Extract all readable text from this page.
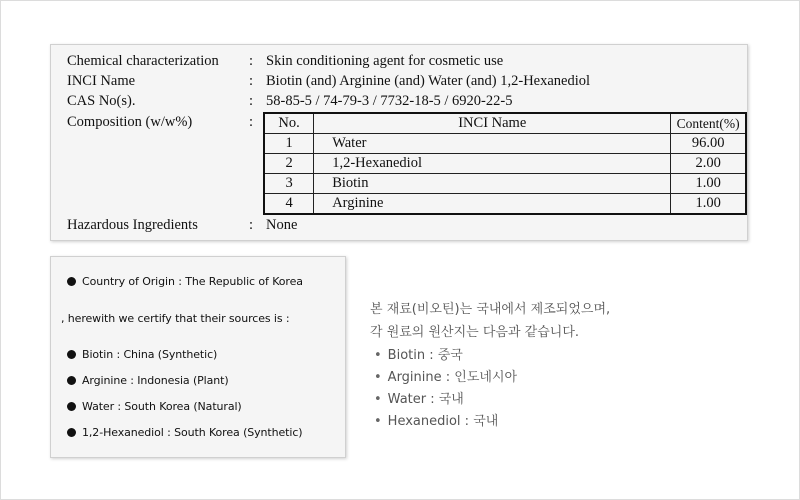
Chemical characterization : Skin conditioning agent for cosmetic use
INCI Name	: Biotin (and) Arginine (and) Water (and) 1,2-Hexanediol
CAS No(s).	: 58-85-5 / 74-79-3 / 7732-18-5 / 6920-22-5
Composition (w/w%)	: No.	INCI Name	Content(%)
1	Water	96.00
2	1,2-Hexanediol	2.00
3	Biotin	1.00
4	Arginine	1.00
Hazardous Ingredients	: None
Country of Origin : The Republic of Korea
, herewith we certify that their sources is :
Biotin : China (Synthetic)
Arginine : Indonesia (Plant)
Water : South Korea (Natural)
1,2-Hexanediol : South Korea (Synthetic)
본 재료(비오틴)는 국내에서 제조되었으며,
각 원료의 원산지는 다음과 같습니다.
• Biotin : 중국
• Arginine : 인도네시아
• Water : 국내
• Hexanediol : 국내
